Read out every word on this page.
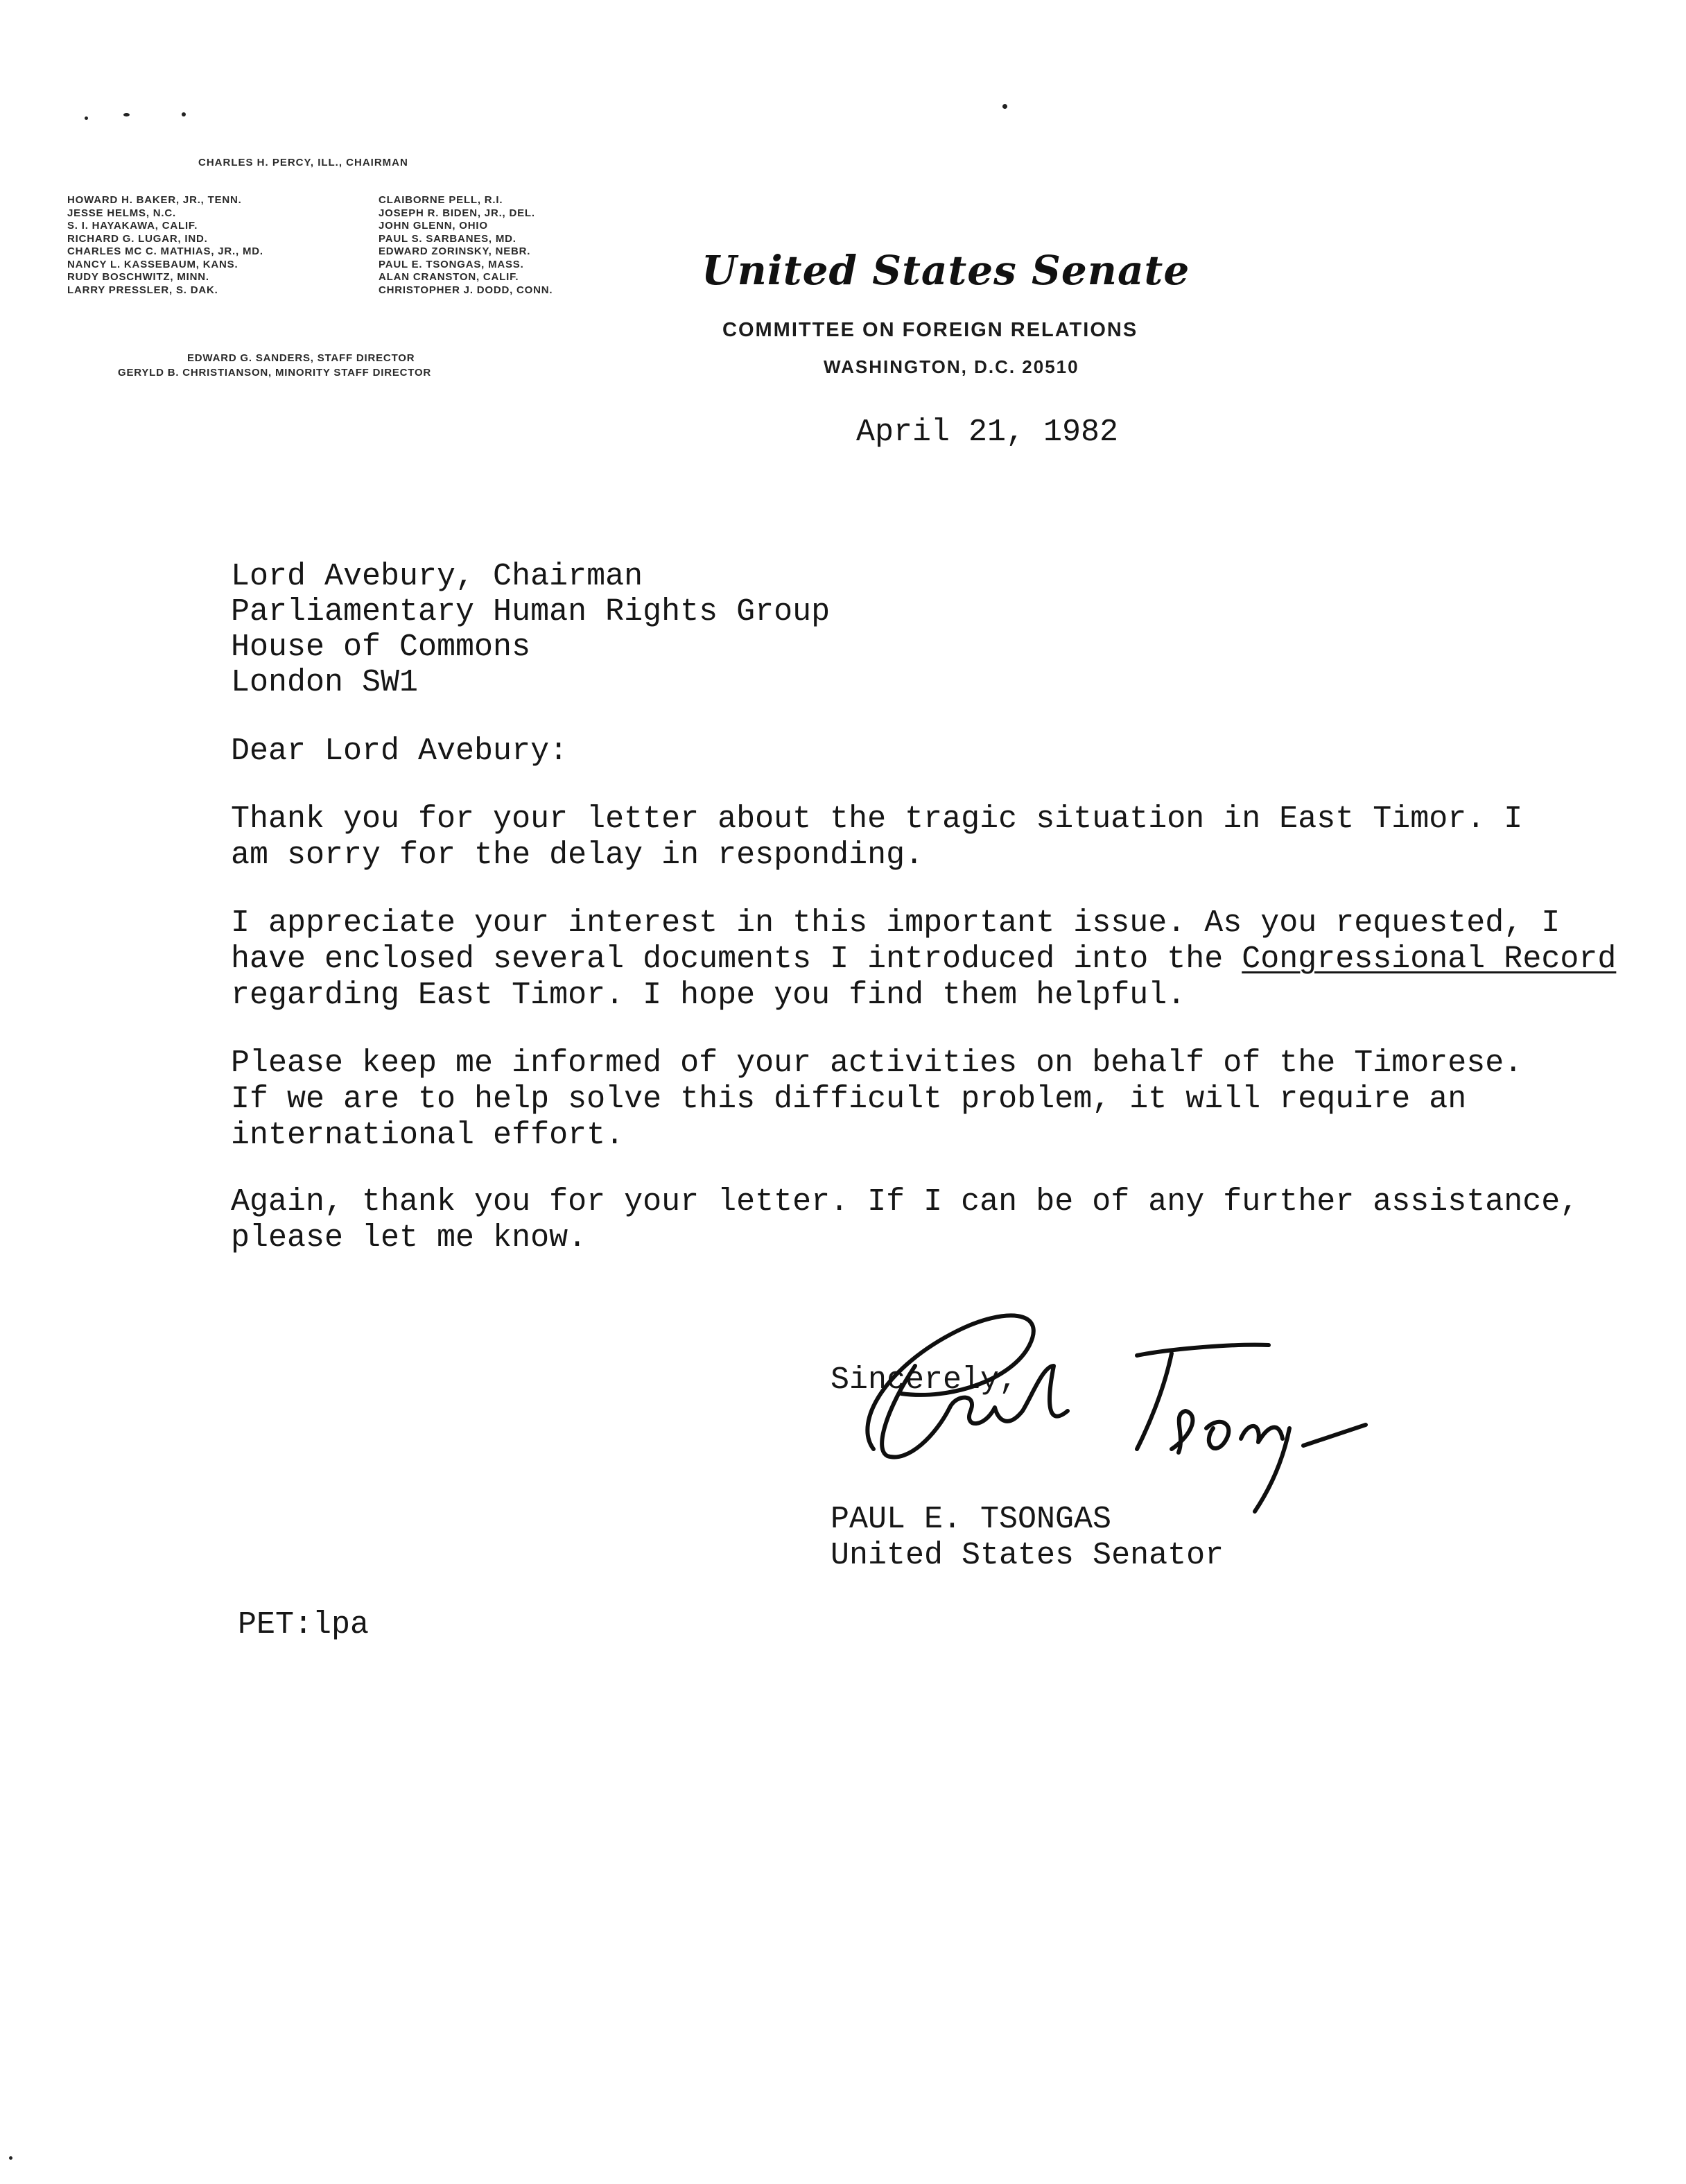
CHARLES H. PERCY, ILL., CHAIRMAN
HOWARD H. BAKER, JR., TENN.
JESSE HELMS, N.C.
S. I. HAYAKAWA, CALIF.
RICHARD G. LUGAR, IND.
CHARLES MC C. MATHIAS, JR., MD.
NANCY L. KASSEBAUM, KANS.
RUDY BOSCHWITZ, MINN.
LARRY PRESSLER, S. DAK.
CLAIBORNE PELL, R.I.
JOSEPH R. BIDEN, JR., DEL.
JOHN GLENN, OHIO
PAUL S. SARBANES, MD.
EDWARD ZORINSKY, NEBR.
PAUL E. TSONGAS, MASS.
ALAN CRANSTON, CALIF.
CHRISTOPHER J. DODD, CONN.
EDWARD G. SANDERS, STAFF DIRECTOR
GERYLD B. CHRISTIANSON, MINORITY STAFF DIRECTOR
United States Senate
COMMITTEE ON FOREIGN RELATIONS
WASHINGTON, D.C. 20510
April 21, 1982
Lord Avebury, Chairman
Parliamentary Human Rights Group
House of Commons
London SW1
Dear Lord Avebury:
Thank you for your letter about the tragic situation in East Timor. I
am sorry for the delay in responding.
I appreciate your interest in this important issue. As you requested, I
have enclosed several documents I introduced into the Congressional Record
regarding East Timor. I hope you find them helpful.
Please keep me informed of your activities on behalf of the Timorese.
If we are to help solve this difficult problem, it will require an
international effort.
Again, thank you for your letter. If I can be of any further assistance,
please let me know.
Sincerely,
PAUL E. TSONGAS
United States Senator
PET:lpa
